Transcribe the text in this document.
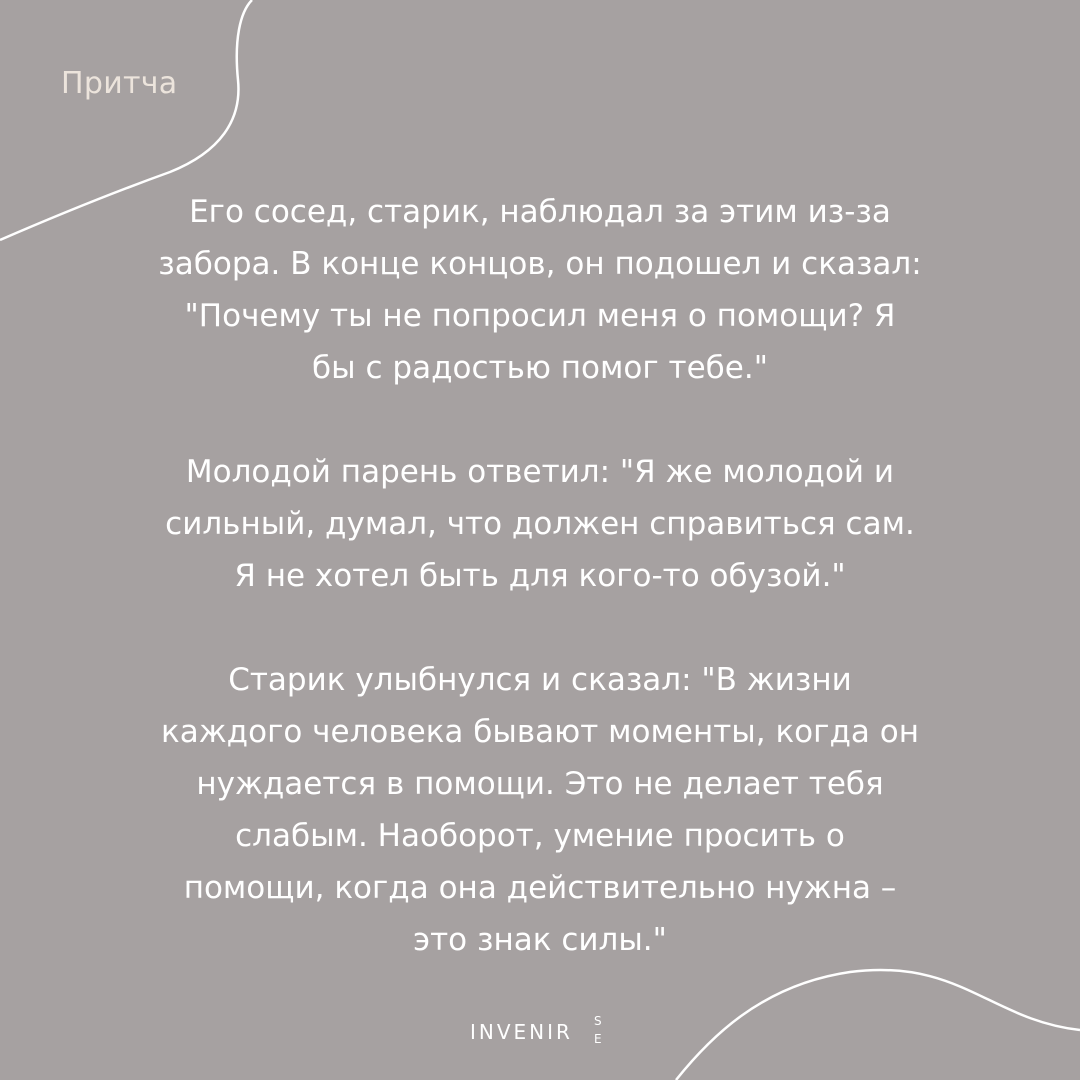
Притча
Его сосед, старик, наблюдал за этим из-за
забора. В конце концов, он подошел и сказал:
"Почему ты не попросил меня о помощи? Я
бы с радостью помог тебе."
Молодой парень ответил: "Я же молодой и
сильный, думал, что должен справиться сам.
Я не хотел быть для кого-то обузой."
Старик улыбнулся и сказал: "В жизни
каждого человека бывают моменты, когда он
нуждается в помощи. Это не делает тебя
слабым. Наоборот, умение просить о
помощи, когда она действительно нужна –
это знак силы."
INVENIR S
E
